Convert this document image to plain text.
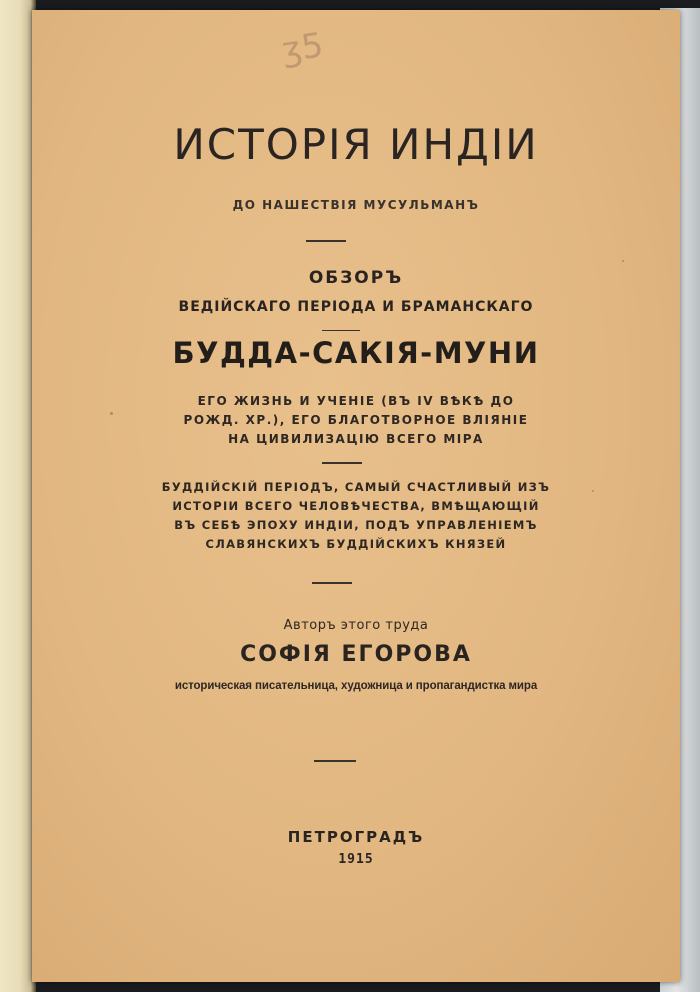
ʒ5
ИСТОРІЯ ИНДІИ
ДО НАШЕСТВІЯ МУСУЛЬМАНЪ
ОБЗОРЪ
ВЕДІЙСКАГО ПЕРІОДА И БРАМАНСКАГО
БУДДА-САКІЯ-МУНИ
ЕГО ЖИЗНЬ И УЧЕНІЕ (ВЪ IV ВѢКѢ ДО
РОЖД. ХР.), ЕГО БЛАГОТВОРНОЕ ВЛІЯНІЕ
НА ЦИВИЛИЗАЦІЮ ВСЕГО МІРА
БУДДІЙСКІЙ ПЕРІОДЪ, САМЫЙ СЧАСТЛИВЫЙ ИЗЪ
ИСТОРІИ ВСЕГО ЧЕЛОВѢЧЕСТВА, ВМѢЩАЮЩІЙ
ВЪ СЕБѢ ЭПОХУ ИНДІИ, ПОДЪ УПРАВЛЕНІЕМЪ
СЛАВЯНСКИХЪ БУДДІЙСКИХЪ КНЯЗЕЙ
Авторъ этого труда
СОФІЯ ЕГОРОВА
историческая писательница, художница и пропагандистка мира
ПЕТРОГРАДЪ
1915
